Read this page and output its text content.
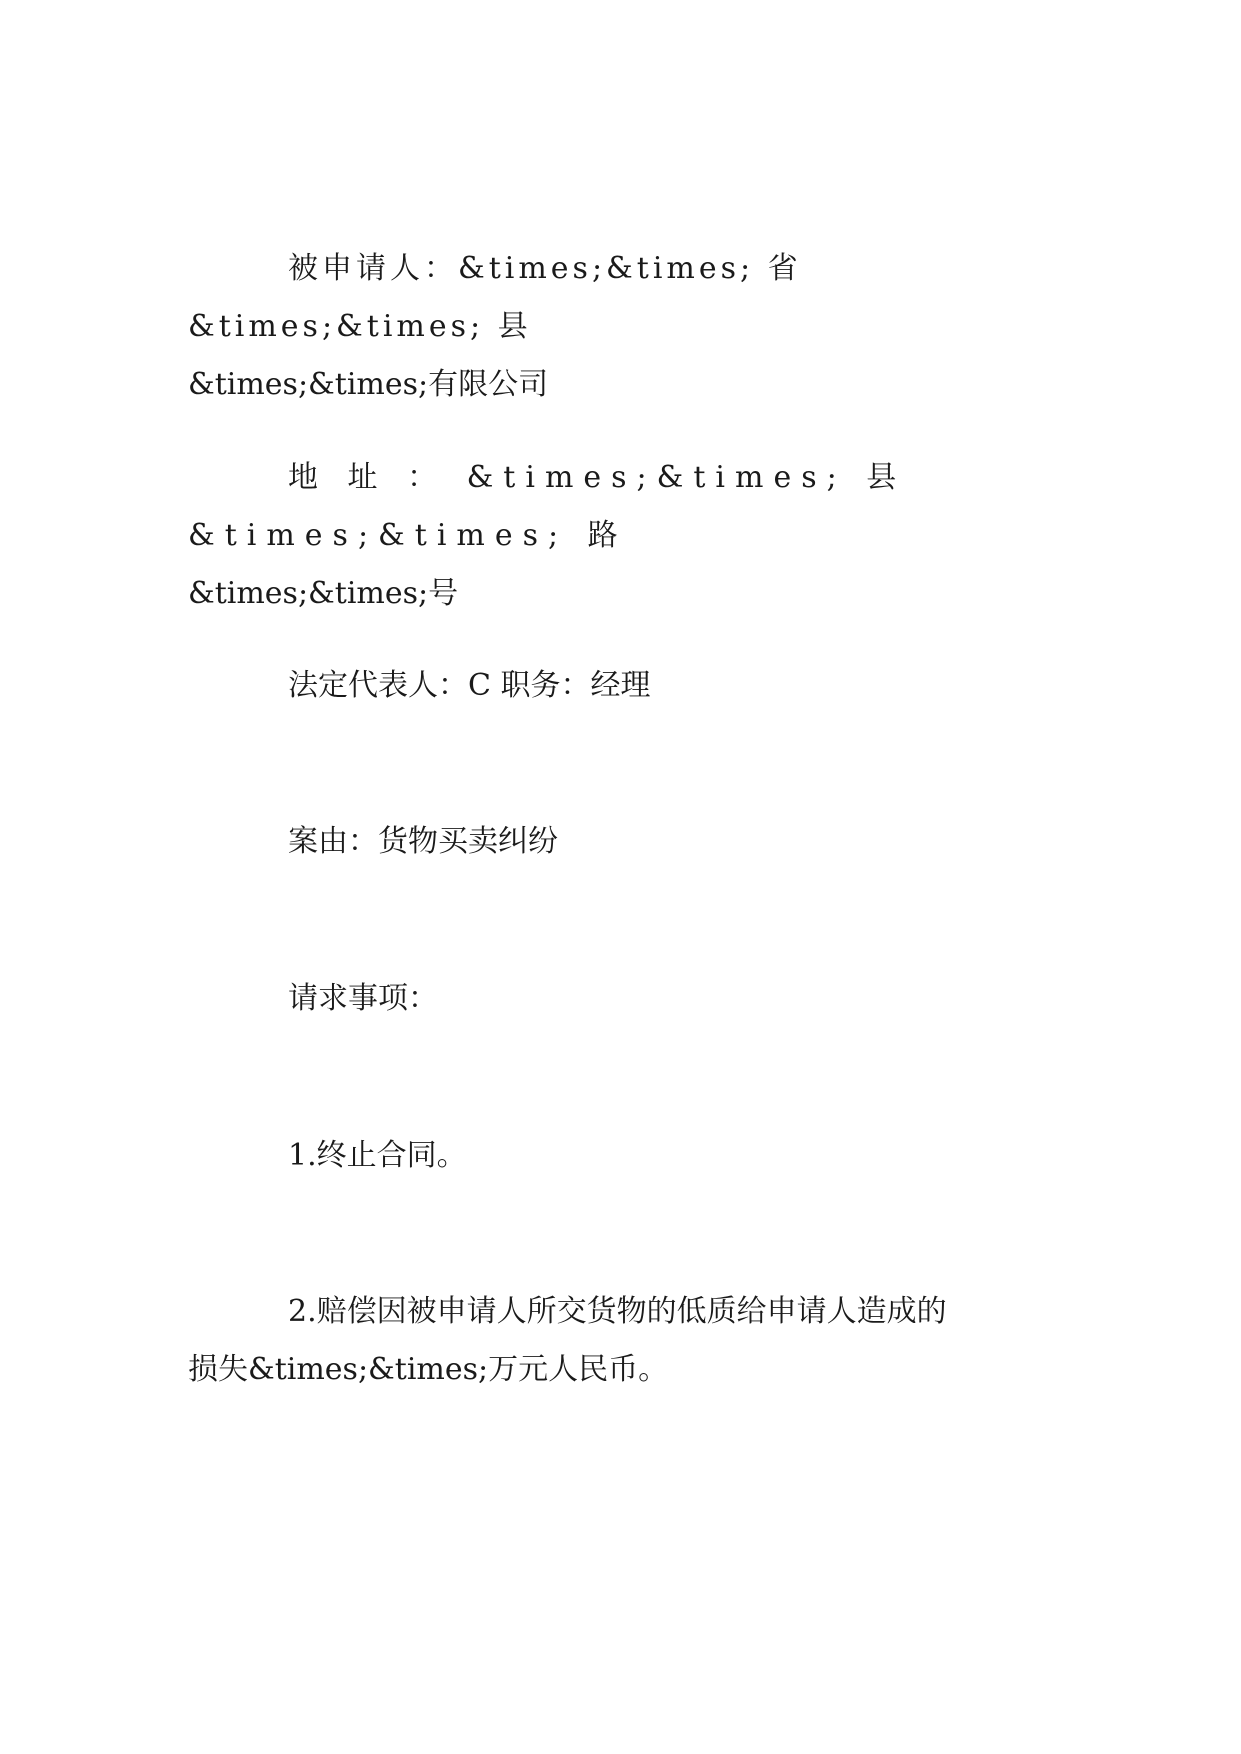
被申请人：&times;&times; 省&times;&times; 县
&times;&times;有限公司
地 址 ： &times;&times; 县 &times;&times; 路
&times;&times;号
法定代表人：C 职务：经理
案由：货物买卖纠纷
请求事项：
1.终止合同。
2.赔偿因被申请人所交货物的低质给申请人造成的
损失&times;&times;万元人民币。
